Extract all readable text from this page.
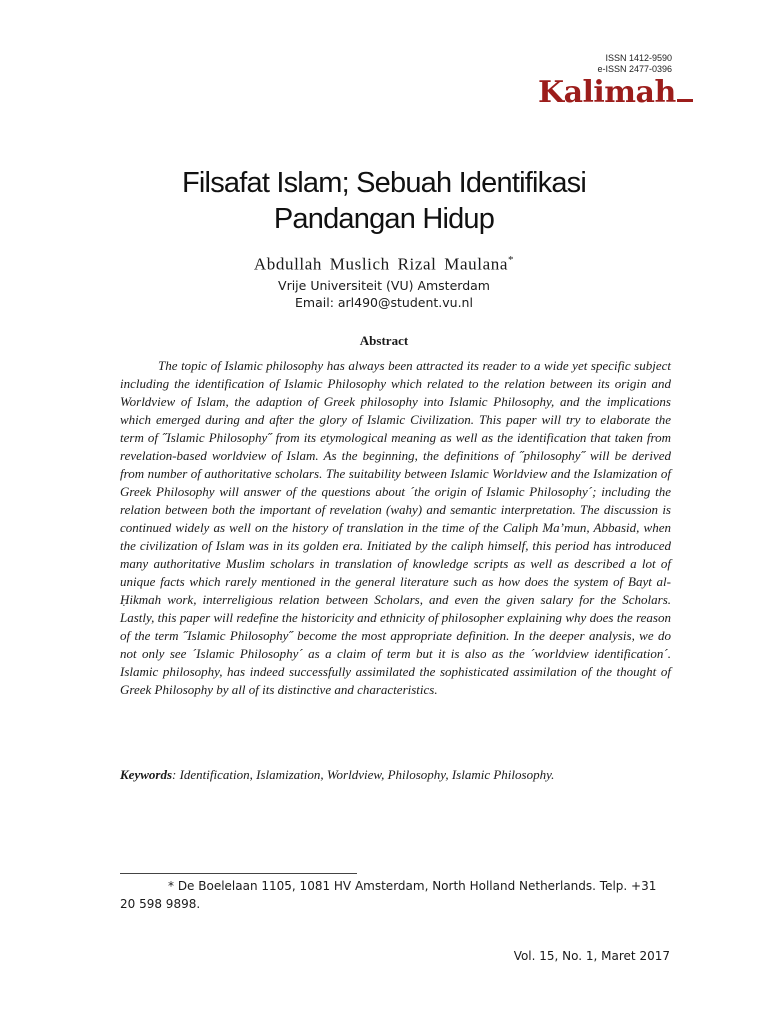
ISSN 1412-9590
e-ISSN 2477-0396
Kalimah
Filsafat Islam; Sebuah Identifikasi
Pandangan Hidup
Abdullah Muslich Rizal Maulana*
Vrije Universiteit (VU) Amsterdam
Email: arl490@student.vu.nl
Abstract

The topic of Islamic philosophy has always been attracted its reader to a wide yet specific subject including the identification of Islamic Philosophy which related to the relation between its origin and Worldview of Islam, the adaption of Greek philosophy into Islamic Philosophy, and the implications which emerged during and after the glory of Islamic Civilization. This paper will try to elaborate the term of ˝Islamic Philosophy˝ from its etymological meaning as well as the identification that taken from revelation-based worldview of Islam. As the beginning, the definitions of ˝philosophy˝ will be derived from number of authoritative scholars. The suitability between Islamic Worldview and the Islamization of Greek Philosophy will answer of the questions about ´the origin of Islamic Philosophy´; including the relation between both the important of revelation (wahy) and semantic interpretation. The discussion is continued widely as well on the history of translation in the time of the Caliph Ma’mun, Abbasid, when the civilization of Islam was in its golden era. Initiated by the caliph himself, this period has introduced many authoritative Muslim scholars in translation of knowledge scripts as well as described a lot of unique facts which rarely mentioned in the general literature such as how does the system of Bayt al-Ḥikmah work, interreligious relation between Scholars, and even the given salary for the Scholars. Lastly, this paper will redefine the historicity and ethnicity of philosopher explaining why does the reason of the term ˝Islamic Philosophy˝ become the most appropriate definition. In the deeper analysis, we do not only see ´Islamic Philosophy´ as a claim of term but it is also as the ´worldview identification´. Islamic philosophy, has indeed successfully assimilated the sophisticated assimilation of the thought of Greek Philosophy by all of its distinctive and characteristics.

Keywords: Identification, Islamization, Worldview, Philosophy, Islamic Philosophy.
* De Boelelaan 1105, 1081 HV Amsterdam, North Holland Netherlands. Telp. +31 20 598 9898.
Vol. 15, No. 1, Maret 2017
